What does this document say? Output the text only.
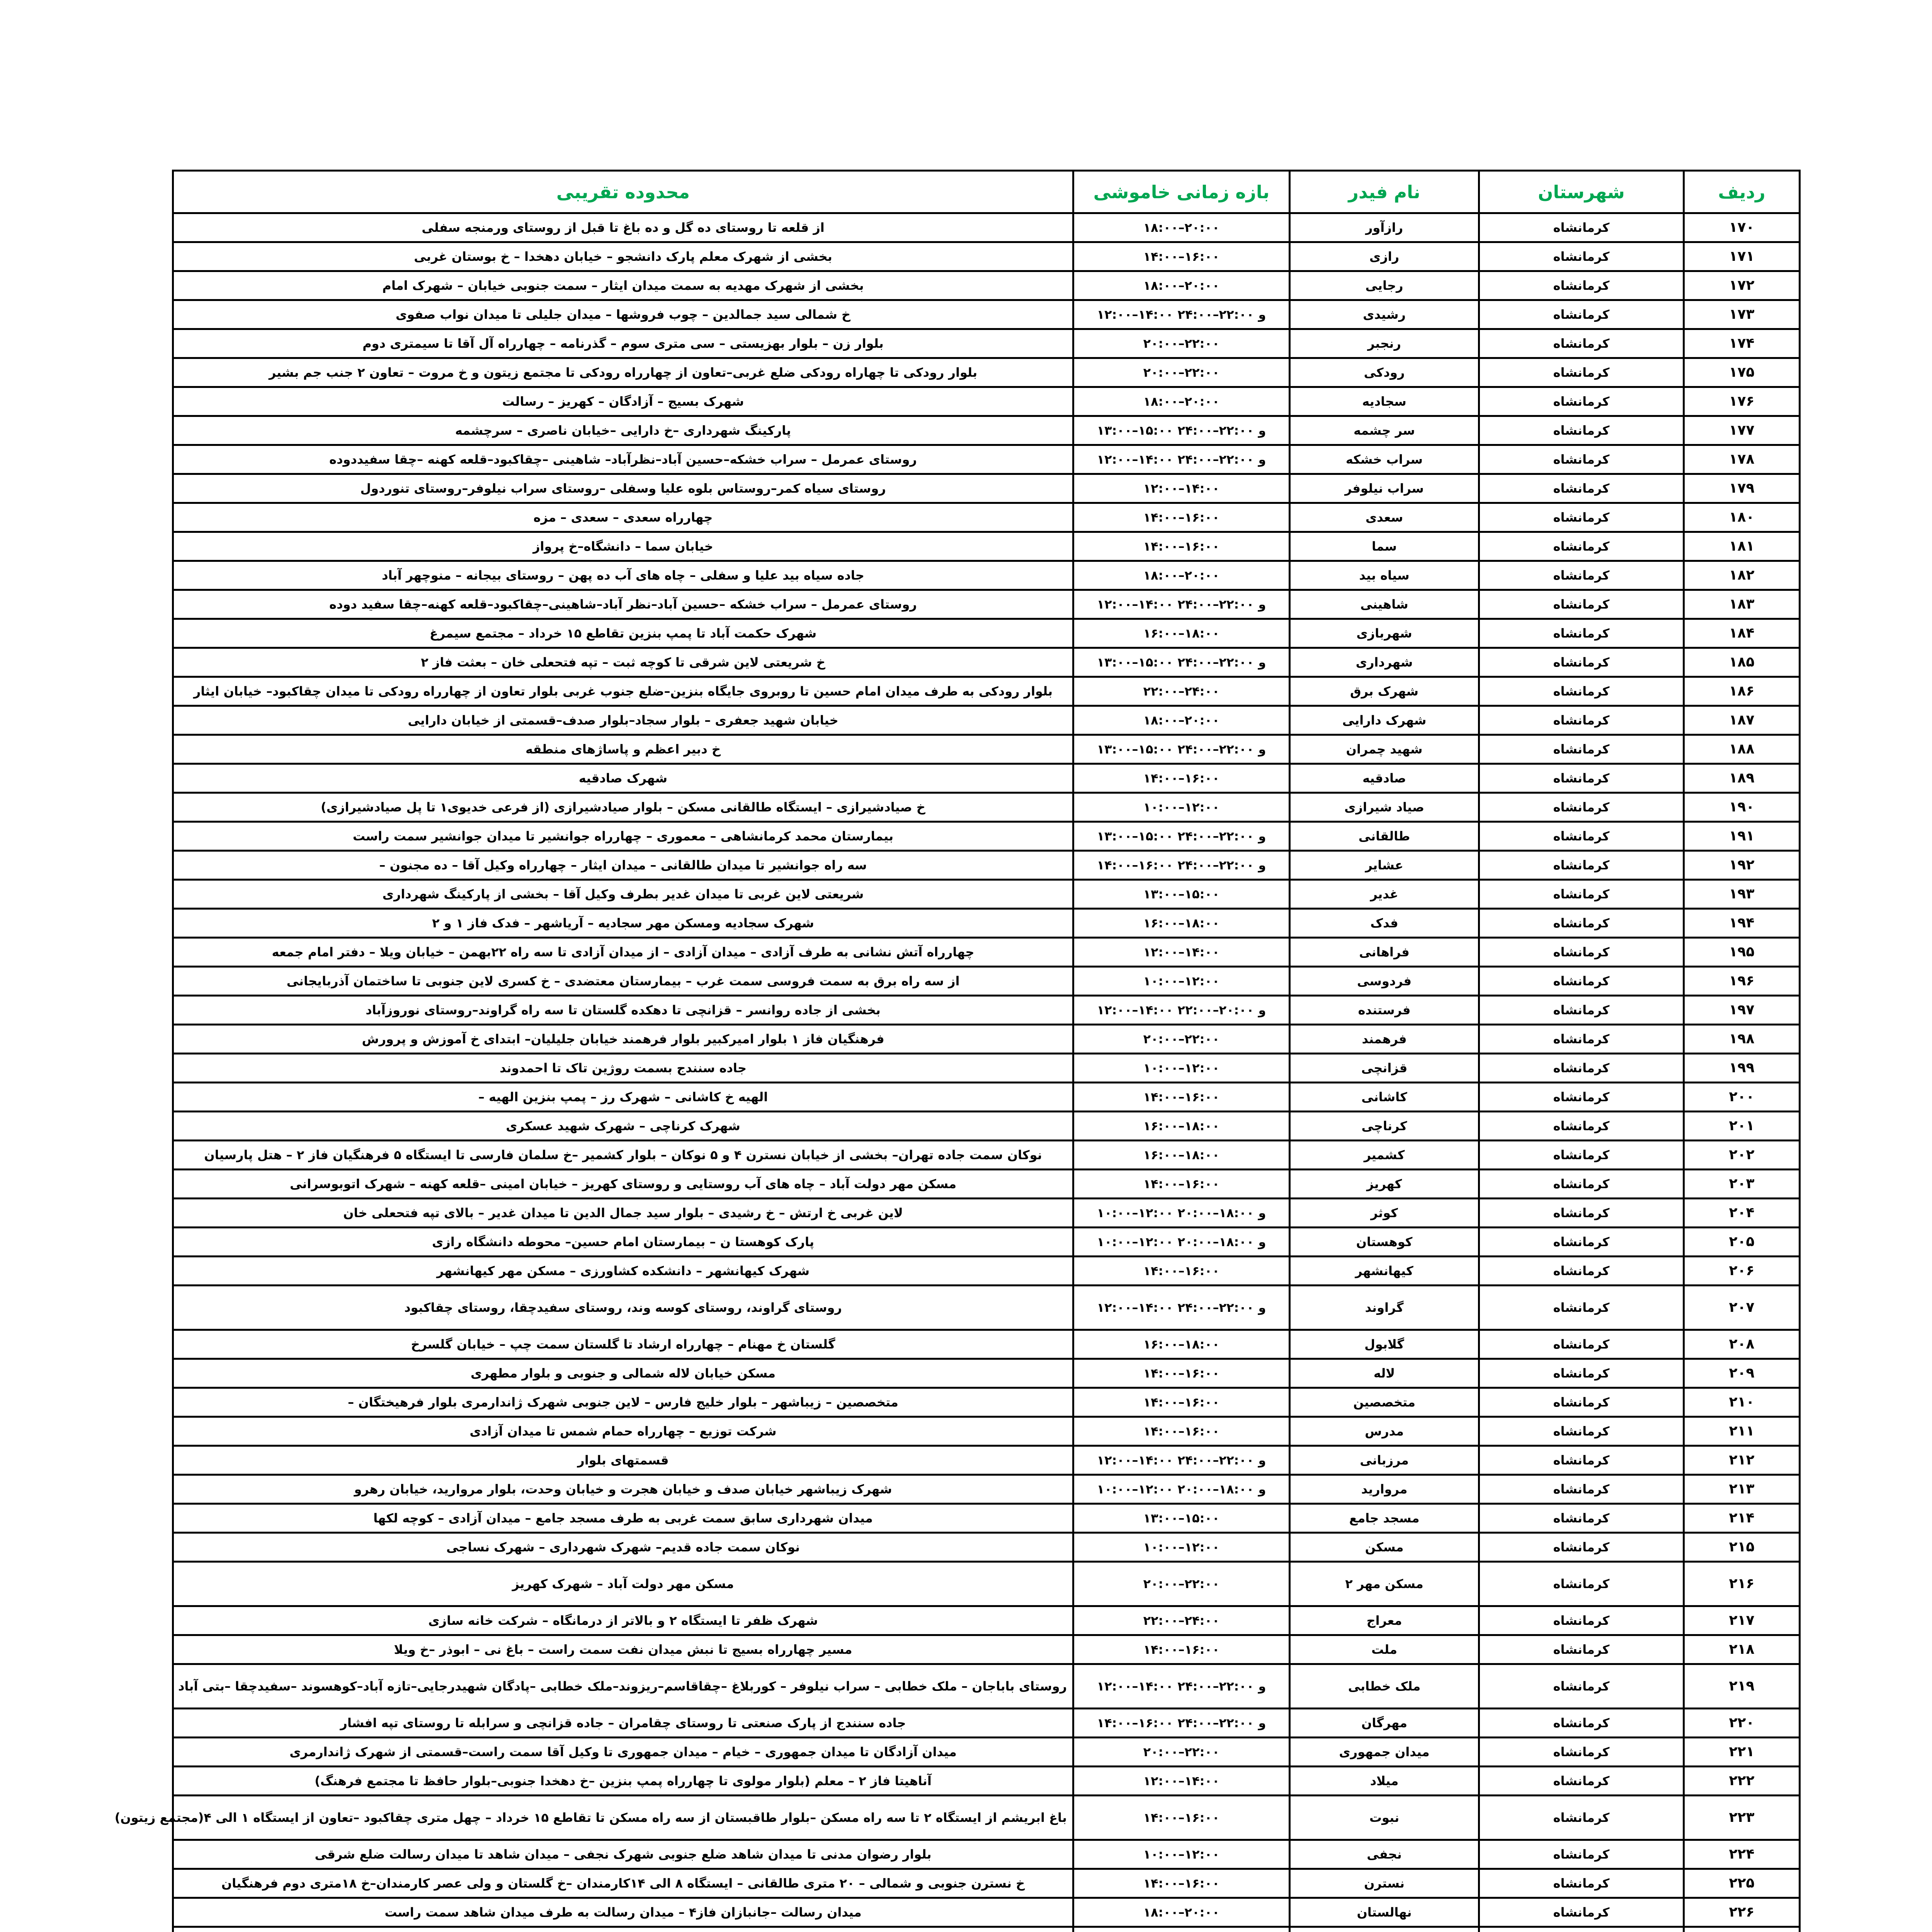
ردیف	شهرستان	نام فیدر	بازه زمانی خاموشی	محدوده تقریبی
۱۷۰	کرمانشاه	رازآور	۱۸:۰۰–۲۰:۰۰	از قلعه تا روستای ده گل و ده باغ تا قبل از روستای ورمنجه سفلی
۱۷۱	کرمانشاه	رازی	۱۴:۰۰–۱۶:۰۰	بخشی از شهرک معلم پارک دانشجو – خیابان دهخدا – خ بوستان غربی
۱۷۲	کرمانشاه	رجایی	۱۸:۰۰–۲۰:۰۰	بخشی از شهرک مهدیه به سمت میدان ایثار – سمت جنوبی خیابان – شهرک امام
۱۷۳	کرمانشاه	رشیدی	۱۲:۰۰–۱۴:۰۰ و ۲۲:۰۰–۲۴:۰۰	خ شمالی سید جمالدین – چوب فروشها – میدان جلیلی تا میدان نواب صفوی
۱۷۴	کرمانشاه	رنجبر	۲۰:۰۰–۲۲:۰۰	بلوار زن – بلوار بهزیستی – سی متری سوم – گذرنامه – چهارراه آل آقا تا سیمتری دوم
۱۷۵	کرمانشاه	رودکی	۲۰:۰۰–۲۲:۰۰	بلوار رودکی تا چهاراه رودکی ضلع غربی–تعاون از چهارراه رودکی تا مجتمع زیتون و خ مروت – تعاون ۲ جنب جم بشیر
۱۷۶	کرمانشاه	سجادیه	۱۸:۰۰–۲۰:۰۰	شهرک بسیج – آزادگان – کهریز – رسالت
۱۷۷	کرمانشاه	سر چشمه	۱۳:۰۰–۱۵:۰۰ و ۲۲:۰۰–۲۴:۰۰	پارکینگ شهرداری –خ دارایی –خیابان ناصری – سرچشمه
۱۷۸	کرمانشاه	سراب خشکه	۱۲:۰۰–۱۴:۰۰ و ۲۲:۰۰–۲۴:۰۰	روستای عمرمل – سراب خشکه–حسین آباد–نظرآباد– شاهینی –چقاکبود–قلعه کهنه –چقا سفیددوده
۱۷۹	کرمانشاه	سراب نیلوفر	۱۲:۰۰–۱۴:۰۰	روستای سیاه کمر–روستاس بلوه علیا وسفلی –روستای سراب نیلوفر–روستای تنوردول
۱۸۰	کرمانشاه	سعدی	۱۴:۰۰–۱۶:۰۰	چهارراه سعدی – سعدی – مزه
۱۸۱	کرمانشاه	سما	۱۴:۰۰–۱۶:۰۰	خیابان سما – دانشگاه–خ پرواز
۱۸۲	کرمانشاه	سیاه بید	۱۸:۰۰–۲۰:۰۰	جاده سیاه بید علیا و سفلی – چاه های آب ده پهن – روستای بیجانه – منوچهر آباد
۱۸۳	کرمانشاه	شاهینی	۱۲:۰۰–۱۴:۰۰ و ۲۲:۰۰–۲۴:۰۰	روستای عمرمل – سراب خشکه –حسین آباد–نظر آباد–شاهینی–چقاکبود–قلعه کهنه–چقا سفید دوده
۱۸۴	کرمانشاه	شهربازی	۱۶:۰۰–۱۸:۰۰	شهرک حکمت آباد تا پمپ بنزین تقاطع ۱۵ خرداد – مجتمع سیمرغ
۱۸۵	کرمانشاه	شهرداری	۱۳:۰۰–۱۵:۰۰ و ۲۲:۰۰–۲۴:۰۰	خ شریعتی لاین شرقی تا کوچه ثبت – تپه فتحعلی خان – بعثت فاز ۲
۱۸۶	کرمانشاه	شهرک برق	۲۲:۰۰–۲۴:۰۰	بلوار رودکی به طرف میدان امام حسین تا روبروی جایگاه بنزین–ضلع جنوب غربی بلوار تعاون از چهارراه رودکی تا میدان چقاکبود– خیابان ایثار
۱۸۷	کرمانشاه	شهرک دارایی	۱۸:۰۰–۲۰:۰۰	خیابان شهید جعفری – بلوار سجاد–بلوار صدف–قسمتی از خیابان دارایی
۱۸۸	کرمانشاه	شهید چمران	۱۳:۰۰–۱۵:۰۰ و ۲۲:۰۰–۲۴:۰۰	خ دبیر اعظم و پاساژهای منطقه
۱۸۹	کرمانشاه	صادقیه	۱۴:۰۰–۱۶:۰۰	شهرک صادقیه
۱۹۰	کرمانشاه	صیاد شیرازی	۱۰:۰۰–۱۲:۰۰	خ صیادشیرازی – ایستگاه طالقانی مسکن – بلوار صیادشیرازی (از فرعی خدیوی۱ تا پل صیادشیرازی)
۱۹۱	کرمانشاه	طالقانی	۱۳:۰۰–۱۵:۰۰ و ۲۲:۰۰–۲۴:۰۰	بیمارستان محمد کرمانشاهی – معموری – چهارراه جوانشیر تا میدان جوانشیر سمت راست
۱۹۲	کرمانشاه	عشایر	۱۴:۰۰–۱۶:۰۰ و ۲۲:۰۰–۲۴:۰۰	سه راه جوانشیر تا میدان طالقانی – میدان ایثار – چهارراه وکیل آقا – ده مجنون –
۱۹۳	کرمانشاه	غدیر	۱۳:۰۰–۱۵:۰۰	شریعتی لاین غربی تا میدان غدیر بطرف وکیل آقا – بخشی از پارکینگ شهرداری
۱۹۴	کرمانشاه	فدک	۱۶:۰۰–۱۸:۰۰	شهرک سجادیه ومسکن مهر سجادیه – آریاشهر – فدک فاز ۱ و ۲
۱۹۵	کرمانشاه	فراهانی	۱۲:۰۰–۱۴:۰۰	چهارراه آتش نشانی به طرف آزادی – میدان آزادی – از میدان آزادی تا سه راه ۲۲بهمن – خیابان ویلا – دفتر امام جمعه
۱۹۶	کرمانشاه	فردوسی	۱۰:۰۰–۱۲:۰۰	از سه راه برق به سمت فروسی سمت غرب – بیمارستان معتضدی – خ کسری لاین جنوبی تا ساختمان آذربایجانی
۱۹۷	کرمانشاه	فرستنده	۱۲:۰۰–۱۴:۰۰ و ۲۰:۰۰–۲۲:۰۰	بخشی از جاده روانسر – قزانچی تا دهکده گلستان تا سه راه گراوند–روستای نوروزآباد
۱۹۸	کرمانشاه	فرهمند	۲۰:۰۰–۲۲:۰۰	فرهنگیان فاز ۱ بلوار امیرکبیر بلوار فرهمند خیابان جلیلیان– ابتدای خ آموزش و پرورش
۱۹۹	کرمانشاه	قزانچی	۱۰:۰۰–۱۲:۰۰	جاده سنندج بسمت روژین تاک تا احمدوند
۲۰۰	کرمانشاه	کاشانی	۱۴:۰۰–۱۶:۰۰	الهیه خ کاشانی – شهرک رز – پمپ بنزین الهیه –
۲۰۱	کرمانشاه	کرناچی	۱۶:۰۰–۱۸:۰۰	شهرک کرناچی – شهرک شهید عسکری
۲۰۲	کرمانشاه	کشمیر	۱۶:۰۰–۱۸:۰۰	نوکان سمت جاده تهران– بخشی از خیابان نسترن ۴ و ۵ نوکان – بلوار کشمیر –خ سلمان فارسی تا ایستگاه ۵ فرهنگیان فاز ۲ – هتل پارسیان
۲۰۳	کرمانشاه	کهریز	۱۴:۰۰–۱۶:۰۰	مسکن مهر دولت آباد – چاه های آب روستایی و روستای کهریز – خیابان امینی –قلعه کهنه – شهرک اتوبوسرانی
۲۰۴	کرمانشاه	کوثر	۱۰:۰۰–۱۲:۰۰ و ۱۸:۰۰–۲۰:۰۰	لاین غربی خ ارتش – خ رشیدی – بلوار سید جمال الدین تا میدان غدیر – بالای تپه فتحعلی خان
۲۰۵	کرمانشاه	کوهستان	۱۰:۰۰–۱۲:۰۰ و ۱۸:۰۰–۲۰:۰۰	پارک کوهستا ن – بیمارستان امام حسین– محوطه دانشگاه رازی
۲۰۶	کرمانشاه	کیهانشهر	۱۴:۰۰–۱۶:۰۰	شهرک کیهانشهر – دانشکده کشاورزی – مسکن مهر کیهانشهر
۲۰۷	کرمانشاه	گراوند	۱۲:۰۰–۱۴:۰۰ و ۲۲:۰۰–۲۴:۰۰	روستای گراوند، روستای کوسه وند، روستای سفیدچقا، روستای چقاکبود
۲۰۸	کرمانشاه	گلابول	۱۶:۰۰–۱۸:۰۰	گلستان خ مهنام – چهارراه ارشاد تا گلستان سمت چپ – خیابان گلسرخ
۲۰۹	کرمانشاه	لاله	۱۴:۰۰–۱۶:۰۰	مسکن خیابان لاله شمالی و جنوبی و بلوار مطهری
۲۱۰	کرمانشاه	متخصصین	۱۴:۰۰–۱۶:۰۰	متخصصین – زیباشهر – بلوار خلیج فارس – لاین جنوبی شهرک ژاندارمری بلوار فرهیختگان –
۲۱۱	کرمانشاه	مدرس	۱۴:۰۰–۱۶:۰۰	شرکت توزیع – چهارراه حمام شمس تا میدان آزادی
۲۱۲	کرمانشاه	مرزبانی	۱۲:۰۰–۱۴:۰۰ و ۲۲:۰۰–۲۴:۰۰	قسمتهای بلوار
۲۱۳	کرمانشاه	مروارید	۱۰:۰۰–۱۲:۰۰ و ۱۸:۰۰–۲۰:۰۰	شهرک زیباشهر خیابان صدف و خیابان هجرت و خیابان وحدت، بلوار مروارید، خیابان رهرو
۲۱۴	کرمانشاه	مسجد جامع	۱۳:۰۰–۱۵:۰۰	میدان شهرداری سابق سمت غربی به طرف مسجد جامع – میدان آزادی – کوچه لکها
۲۱۵	کرمانشاه	مسکن	۱۰:۰۰–۱۲:۰۰	نوکان سمت جاده قدیم– شهرک شهرداری – شهرک نساجی
۲۱۶	کرمانشاه	مسکن مهر ۲	۲۰:۰۰–۲۲:۰۰	مسکن مهر دولت آباد – شهرک کهریز
۲۱۷	کرمانشاه	معراج	۲۲:۰۰–۲۴:۰۰	شهرک ظفر تا ایستگاه ۲ و بالاتر از درمانگاه – شرکت خانه سازی
۲۱۸	کرمانشاه	ملت	۱۴:۰۰–۱۶:۰۰	مسیر چهارراه بسیج تا نبش میدان نفت سمت راست – باغ نی – ابوذر –خ ویلا
۲۱۹	کرمانشاه	ملک خطابی	۱۲:۰۰–۱۴:۰۰ و ۲۲:۰۰–۲۴:۰۰	روستای باباجان – ملک خطابی – سراب نیلوفر – کوربلاغ –چقاقاسم–ریزوند–ملک خطابی –پادگان شهیدرجایی–تازه آباد–کوهسوند –سفیدچقا –بتی آباد
۲۲۰	کرمانشاه	مهرگان	۱۴:۰۰–۱۶:۰۰ و ۲۲:۰۰–۲۴:۰۰	جاده سنندج از پارک صنعتی تا روستای چقامران – جاده قزانچی و سرابله تا روستای تپه افشار
۲۲۱	کرمانشاه	میدان جمهوری	۲۰:۰۰–۲۲:۰۰	میدان آزادگان تا میدان جمهوری – خیام – میدان جمهوری تا وکیل آقا سمت راست–قسمتی از شهرک ژاندارمری
۲۲۲	کرمانشاه	میلاد	۱۲:۰۰–۱۴:۰۰	آناهیتا فاز ۲ – معلم (بلوار مولوی تا چهارراه پمپ بنزین –خ دهخدا جنوبی–بلوار حافظ تا مجتمع فرهنگ)
۲۲۳	کرمانشاه	نبوت	۱۴:۰۰–۱۶:۰۰	باغ ابریشم از ایستگاه ۲ تا سه راه مسکن –بلوار طاقبستان از سه راه مسکن تا تقاطع ۱۵ خرداد – چهل متری چقاکبود –تعاون از ایستگاه ۱ الی ۴(مجتمع زیتون)
۲۲۴	کرمانشاه	نجفی	۱۰:۰۰–۱۲:۰۰	بلوار رضوان مدنی تا میدان شاهد ضلع جنوبی شهرک نجفی – میدان شاهد تا میدان رسالت ضلع شرقی
۲۲۵	کرمانشاه	نسترن	۱۴:۰۰–۱۶:۰۰	خ نسترن جنوبی و شمالی – ۲۰ متری طالقانی – ایستگاه ۸ الی ۱۴کارمندان –خ گلستان و ولی عصر کارمندان–خ ۱۸متری دوم فرهنگیان
۲۲۶	کرمانشاه	نهالستان	۱۸:۰۰–۲۰:۰۰	میدان رسالت –جانبازان فاز۴ – میدان رسالت به طرف میدان شاهد سمت راست
